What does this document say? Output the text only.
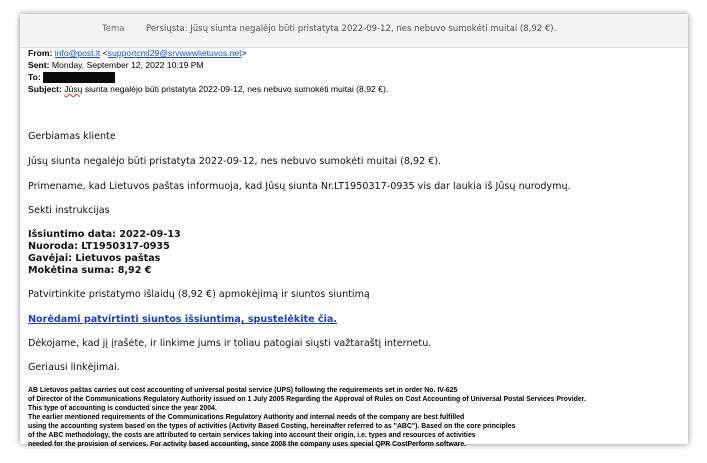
Tema	Persiųsta: Jūsų siunta negalėjo būti pristatyta 2022-09-12, nes nebuvo sumokėti muitai (8,92 €).
From: info@post.lt <supportcml29@srvwwwlietuvos.net>
Sent: Monday, September 12, 2022 10:19 PM
To:
Subject: Jūsų siunta negalėjo būti pristatyta 2022-09-12, nes nebuvo sumokėti muitai (8,92 €).
Gerbiamas kliente
Jūsų siunta negalėjo būti pristatyta 2022-09-12, nes nebuvo sumokėti muitai (8,92 €).
Primename, kad Lietuvos paštas informuoja, kad Jūsų siunta Nr.LT1950317-0935 vis dar laukia iš Jūsų nurodymų.
Sekti instrukcijas
Išsiuntimo data: 2022-09-13
Nuoroda: LT1950317-0935
Gavėjai: Lietuvos paštas
Mokėtina suma: 8,92 €
Patvirtinkite pristatymo išlaidų (8,92 €) apmokėjimą ir siuntos siuntimą
Norėdami patvirtinti siuntos išsiuntimą, spustelėkite čia.
Dėkojame, kad jį įrašėte, ir linkime jums ir toliau patogiai siųsti važtaraštį internetu.
Geriausi linkėjimai.
AB Lietuvos paštas carries out cost accounting of universal postal service (UPS) following the requirements set in order No. IV-625
of Director of the Communications Regulatory Authority issued on 1 July 2005 Regarding the Approval of Rules on Cost Accounting of Universal Postal Services Provider.
This type of accounting is conducted since the year 2004.
The earlier mentioned requirements of the Communications Regulatory Authority and internal needs of the company are best fulfilled
using the accounting system based on the types of activities (Activity Based Costing, hereinafter referred to as "ABC"). Based on the core principles
of the ABC methodology, the costs are attributed to certain services taking into account their origin, i.e. types and resources of activities
needed for the provision of services. For activity based accounting, since 2008 the company uses special QPR CostPerform software.
